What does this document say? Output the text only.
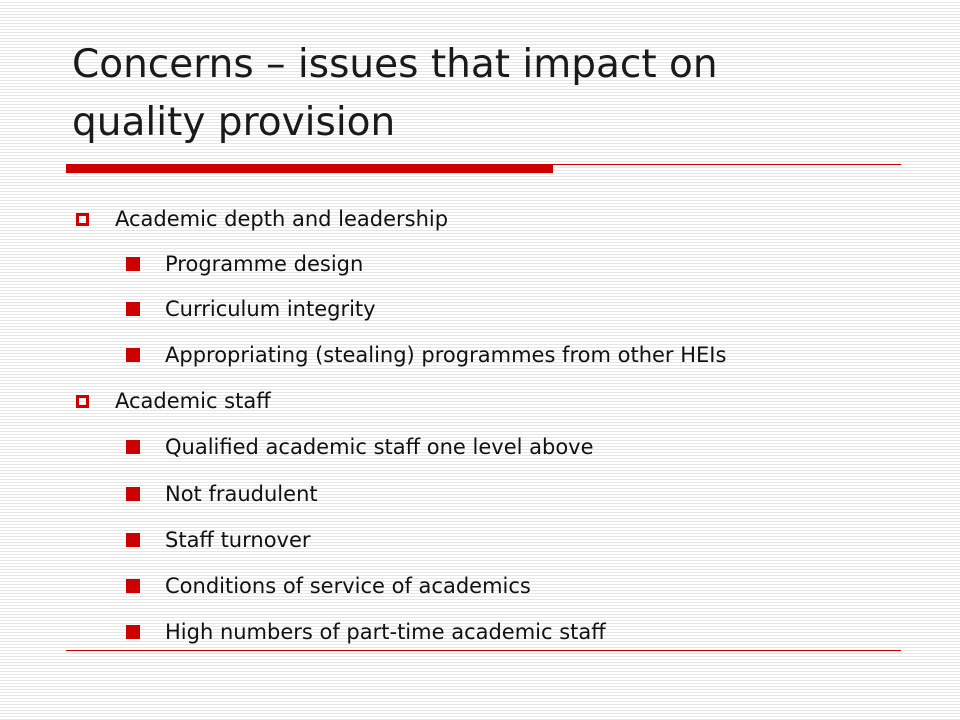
Concerns – issues that impact on
quality provision
Academic depth and leadership
Programme design
Curriculum integrity
Appropriating (stealing) programmes from other HEIs
Academic staff
Qualified academic staff one level above
Not fraudulent
Staff turnover
Conditions of service of academics
High numbers of part-time academic staff
